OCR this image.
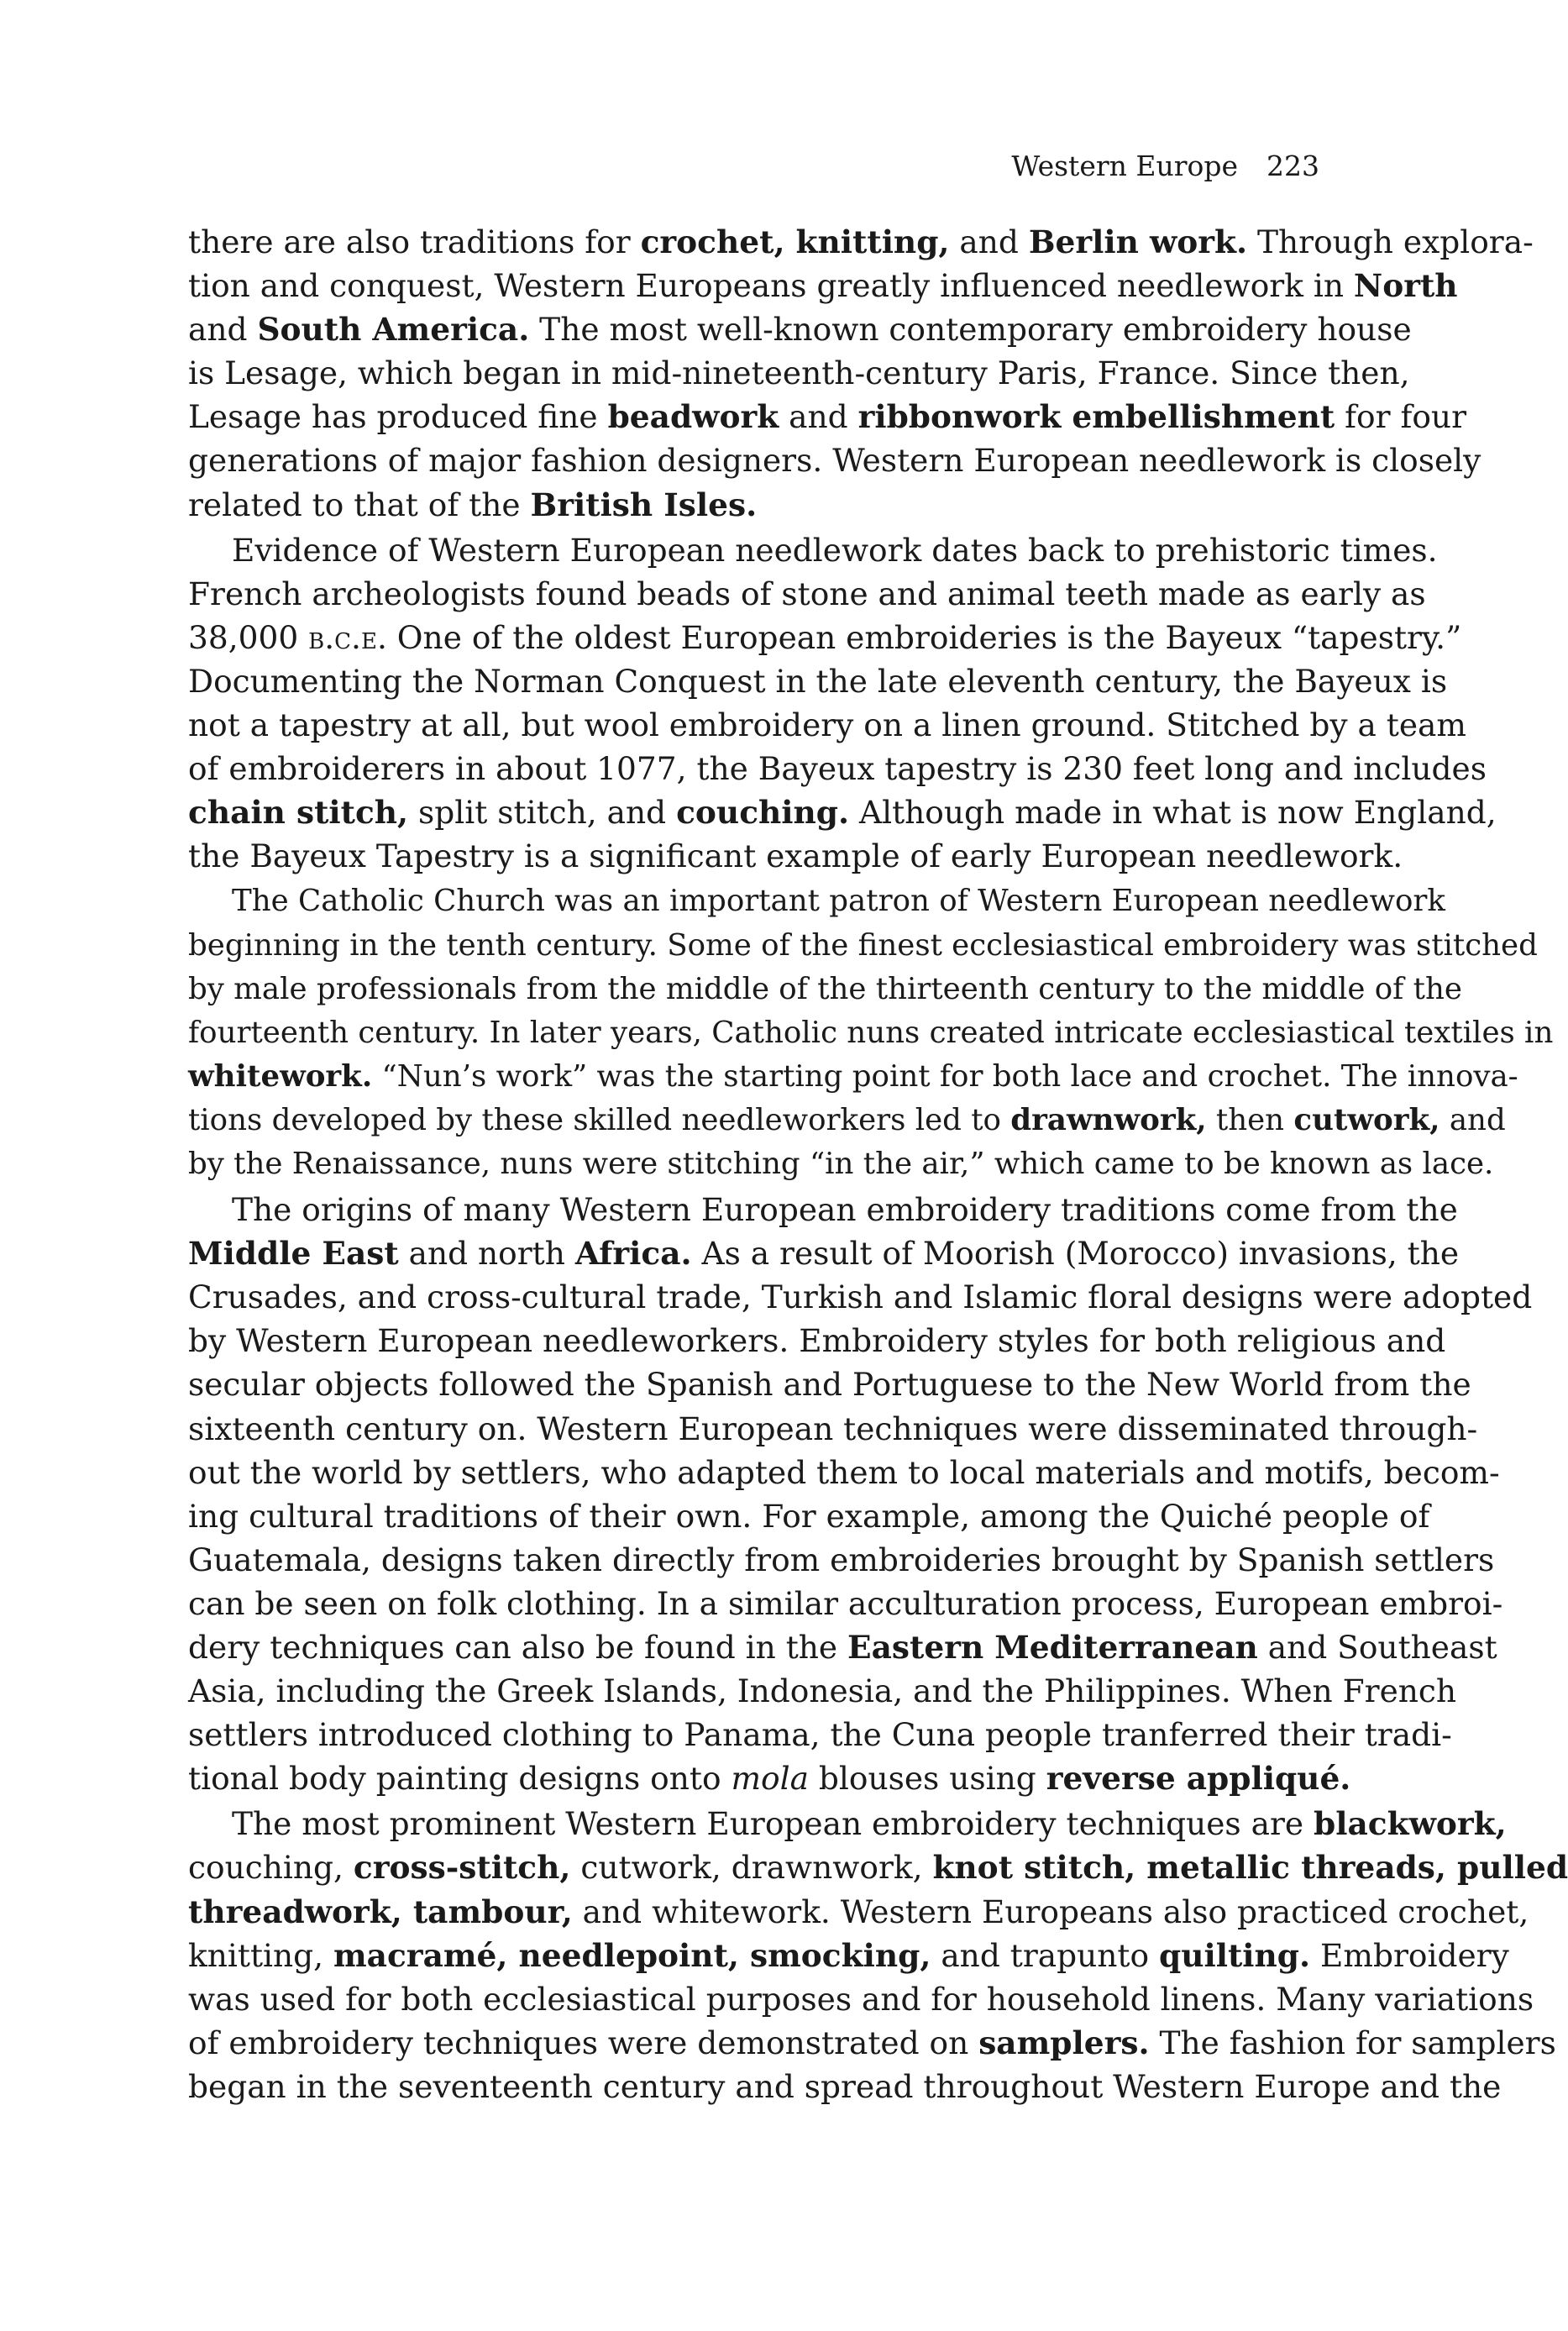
Western Europe 223
there are also traditions for crochet, knitting, and Berlin work. Through explora-
tion and conquest, Western Europeans greatly influenced needlework in North
and South America. The most well-known contemporary embroidery house
is Lesage, which began in mid-nineteenth-century Paris, France. Since then,
Lesage has produced fine beadwork and ribbonwork embellishment for four
generations of major fashion designers. Western European needlework is closely
related to that of the British Isles.
Evidence of Western European needlework dates back to prehistoric times.
French archeologists found beads of stone and animal teeth made as early as
38,000 b.c.e. One of the oldest European embroideries is the Bayeux “tapestry.”
Documenting the Norman Conquest in the late eleventh century, the Bayeux is
not a tapestry at all, but wool embroidery on a linen ground. Stitched by a team
of embroiderers in about 1077, the Bayeux tapestry is 230 feet long and includes
chain stitch, split stitch, and couching. Although made in what is now England,
the Bayeux Tapestry is a significant example of early European needlework.
The Catholic Church was an important patron of Western European needlework
beginning in the tenth century. Some of the finest ecclesiastical embroidery was stitched
by male professionals from the middle of the thirteenth century to the middle of the
fourteenth century. In later years, Catholic nuns created intricate ecclesiastical textiles in
whitework. “Nun’s work” was the starting point for both lace and crochet. The innova-
tions developed by these skilled needleworkers led to drawnwork, then cutwork, and
by the Renaissance, nuns were stitching “in the air,” which came to be known as lace.
The origins of many Western European embroidery traditions come from the
Middle East and north Africa. As a result of Moorish (Morocco) invasions, the
Crusades, and cross-cultural trade, Turkish and Islamic floral designs were adopted
by Western European needleworkers. Embroidery styles for both religious and
secular objects followed the Spanish and Portuguese to the New World from the
sixteenth century on. Western European techniques were disseminated through-
out the world by settlers, who adapted them to local materials and motifs, becom-
ing cultural traditions of their own. For example, among the Quiché people of
Guatemala, designs taken directly from embroideries brought by Spanish settlers
can be seen on folk clothing. In a similar acculturation process, European embroi-
dery techniques can also be found in the Eastern Mediterranean and Southeast
Asia, including the Greek Islands, Indonesia, and the Philippines. When French
settlers introduced clothing to Panama, the Cuna people tranferred their tradi-
tional body painting designs onto mola blouses using reverse appliqué.
The most prominent Western European embroidery techniques are blackwork,
couching, cross-stitch, cutwork, drawnwork, knot stitch, metallic threads, pulled
threadwork, tambour, and whitework. Western Europeans also practiced crochet,
knitting, macramé, needlepoint, smocking, and trapunto quilting. Embroidery
was used for both ecclesiastical purposes and for household linens. Many variations
of embroidery techniques were demonstrated on samplers. The fashion for samplers
began in the seventeenth century and spread throughout Western Europe and the
